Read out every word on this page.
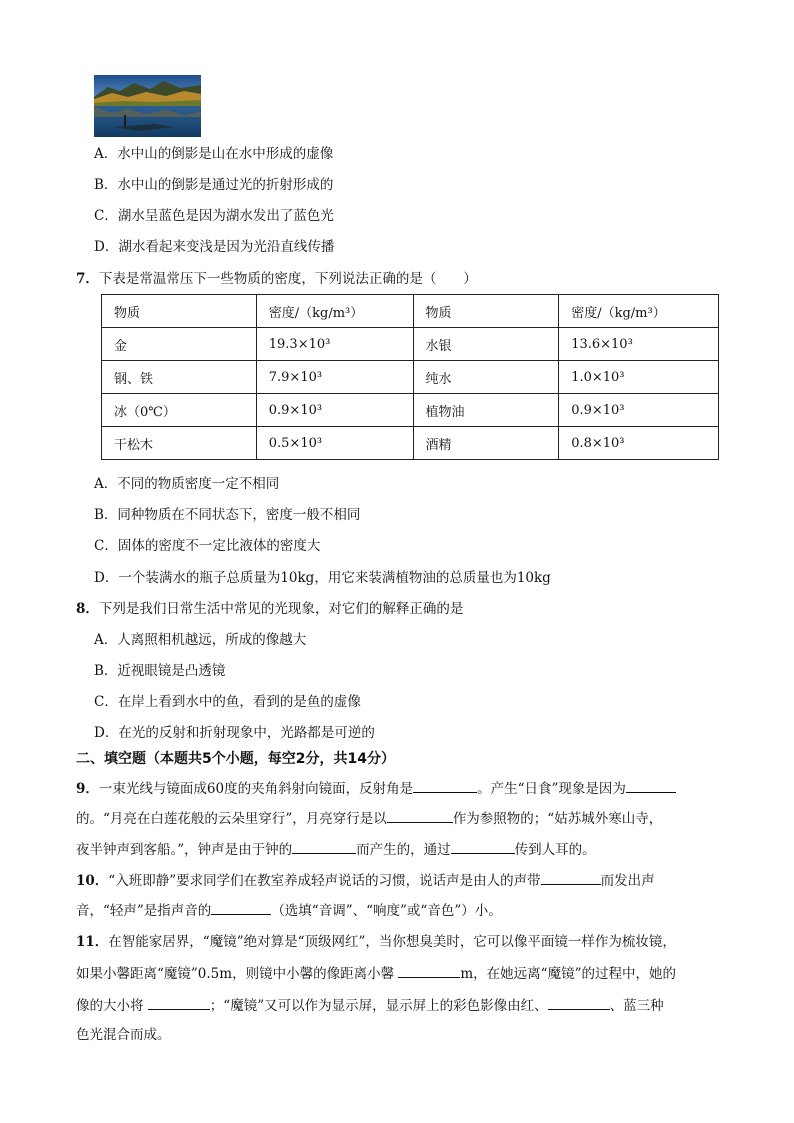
A．水中山的倒影是山在水中形成的虚像
B．水中山的倒影是通过光的折射形成的
C．湖水呈蓝色是因为湖水发出了蓝色光
D．湖水看起来变浅是因为光沿直线传播
7．下表是常温常压下一些物质的密度，下列说法正确的是（　　）
物质	密度/（kg/m³）	物质	密度/（kg/m³）
金	19.3×10³	水银	13.6×10³
钢、铁	7.9×10³	纯水	1.0×10³
冰（0℃）	0.9×10³	植物油	0.9×10³
干松木	0.5×10³	酒精	0.8×10³
A．不同的物质密度一定不相同
B．同种物质在不同状态下，密度一般不相同
C．固体的密度不一定比液体的密度大
D．一个装满水的瓶子总质量为10kg，用它来装满植物油的总质量也为10kg
8．下列是我们日常生活中常见的光现象，对它们的解释正确的是
A．人离照相机越远，所成的像越大
B．近视眼镜是凸透镜
C．在岸上看到水中的鱼，看到的是鱼的虚像
D．在光的反射和折射现象中，光路都是可逆的
二、填空题（本题共5个小题，每空2分，共14分）
9．一束光线与镜面成60度的夹角斜射向镜面，反射角是	。产生“日食”现象是因为
的。“月亮在白莲花般的云朵里穿行”，月亮穿行是以	作为参照物的；“姑苏城外寒山寺，
夜半钟声到客船。”，钟声是由于钟的	而产生的，通过	传到人耳的。
10．“入班即静”要求同学们在教室养成轻声说话的习惯，说话声是由人的声带	而发出声
音，“轻声”是指声音的	（选填“音调”、“响度”或“音色”）小。
11．在智能家居界，“魔镜”绝对算是“顶级网红”，当你想臭美时，它可以像平面镜一样作为梳妆镜，
如果小馨距离“魔镜”0.5m，则镜中小馨的像距离小馨	m，在她远离“魔镜”的过程中，她的
像的大小将	；“魔镜”又可以作为显示屏，显示屏上的彩色影像由红、	、蓝三种
色光混合而成。
